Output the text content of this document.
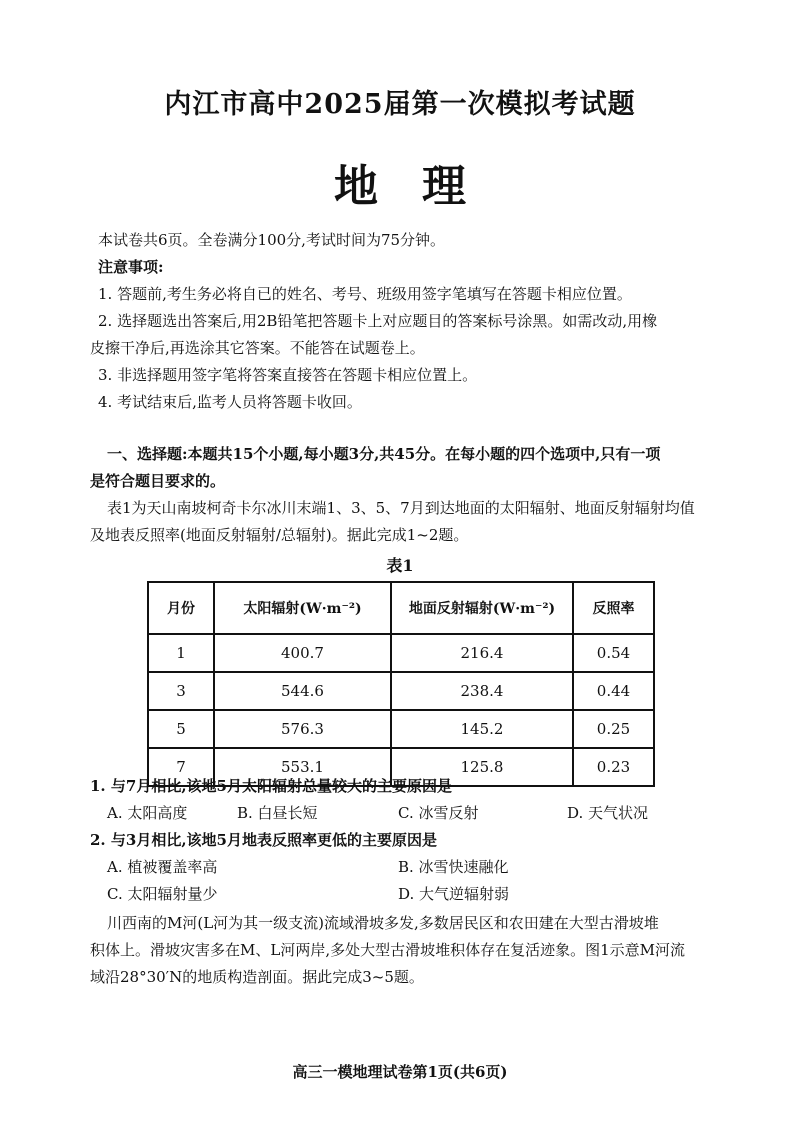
内江市高中2025届第一次模拟考试题
地理
本试卷共6页。全卷满分100分,考试时间为75分钟。
注意事项:
1. 答题前,考生务必将自已的姓名、考号、班级用签字笔填写在答题卡相应位置。
2. 选择题选出答案后,用2B铅笔把答题卡上对应题目的答案标号涂黑。如需改动,用橡
皮擦干净后,再选涂其它答案。不能答在试题卷上。
3. 非选择题用签字笔将答案直接答在答题卡相应位置上。
4. 考试结束后,监考人员将答题卡收回。
一、选择题:本题共15个小题,每小题3分,共45分。在每小题的四个选项中,只有一项
是符合题目要求的。
表1为天山南坡柯奇卡尔冰川末端1、3、5、7月到达地面的太阳辐射、地面反射辐射均值
及地表反照率(地面反射辐射/总辐射)。据此完成1~2题。
表1
月份	太阳辐射(W·m⁻²)	地面反射辐射(W·m⁻²)	反照率
1	400.7	216.4	0.54
3	544.6	238.4	0.44
5	576.3	145.2	0.25
7	553.1	125.8	0.23
1. 与7月相比,该地5月太阳辐射总量较大的主要原因是
A. 太阳高度	B. 白昼长短	C. 冰雪反射	D. 天气状况
2. 与3月相比,该地5月地表反照率更低的主要原因是
A. 植被覆盖率高	B. 冰雪快速融化
C. 太阳辐射量少	D. 大气逆辐射弱
川西南的M河(L河为其一级支流)流域滑坡多发,多数居民区和农田建在大型古滑坡堆
积体上。滑坡灾害多在M、L河两岸,多处大型古滑坡堆积体存在复活迹象。图1示意M河流
域沿28°30′N的地质构造剖面。据此完成3~5题。
高三一模地理试卷第1页(共6页)
